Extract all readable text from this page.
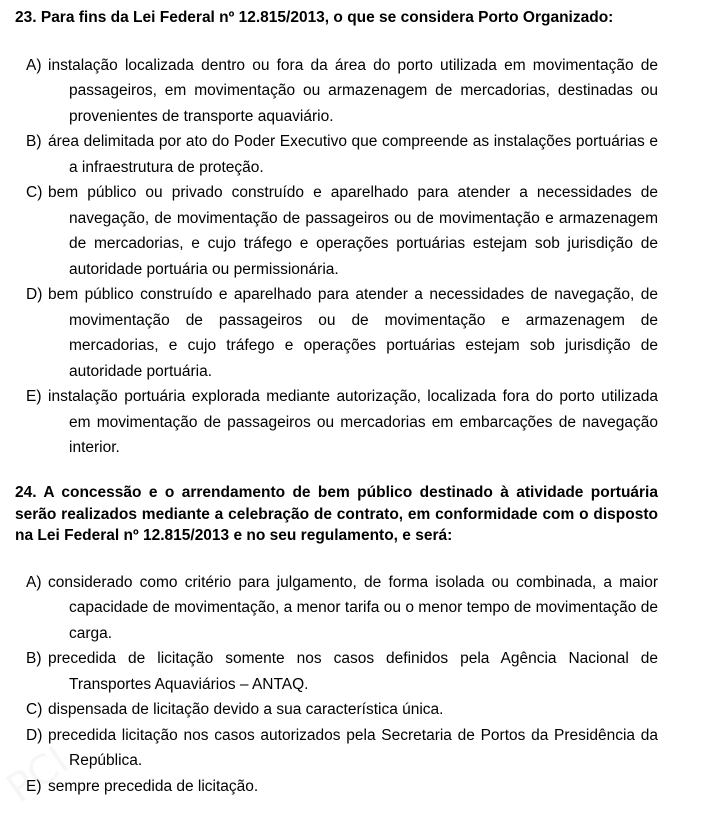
23. Para fins da Lei Federal nº 12.815/2013, o que se considera Porto Organizado:

A) instalação localizada dentro ou fora da área do porto utilizada em movimentação de passageiros, em movimentação ou armazenagem de mercadorias, destinadas ou provenientes de transporte aquaviário.
B) área delimitada por ato do Poder Executivo que compreende as instalações portuárias e a infraestrutura de proteção.
C) bem público ou privado construído e aparelhado para atender a necessidades de navegação, de movimentação de passageiros ou de movimentação e armazenagem de mercadorias, e cujo tráfego e operações portuárias estejam sob jurisdição de autoridade portuária ou permissionária.
D) bem público construído e aparelhado para atender a necessidades de navegação, de movimentação de passageiros ou de movimentação e armazenagem de mercadorias, e cujo tráfego e operações portuárias estejam sob jurisdição de autoridade portuária.
E) instalação portuária explorada mediante autorização, localizada fora do porto utilizada em movimentação de passageiros ou mercadorias em embarcações de navegação interior.

24. A concessão e o arrendamento de bem público destinado à atividade portuária serão realizados mediante a celebração de contrato, em conformidade com o disposto na Lei Federal nº 12.815/2013 e no seu regulamento, e será:

A) considerado como critério para julgamento, de forma isolada ou combinada, a maior capacidade de movimentação, a menor tarifa ou o menor tempo de movimentação de carga.
B) precedida de licitação somente nos casos definidos pela Agência Nacional de Transportes Aquaviários – ANTAQ.
C) dispensada de licitação devido a sua característica única.
D) precedida licitação nos casos autorizados pela Secretaria de Portos da Presidência da República.
E) sempre precedida de licitação.
